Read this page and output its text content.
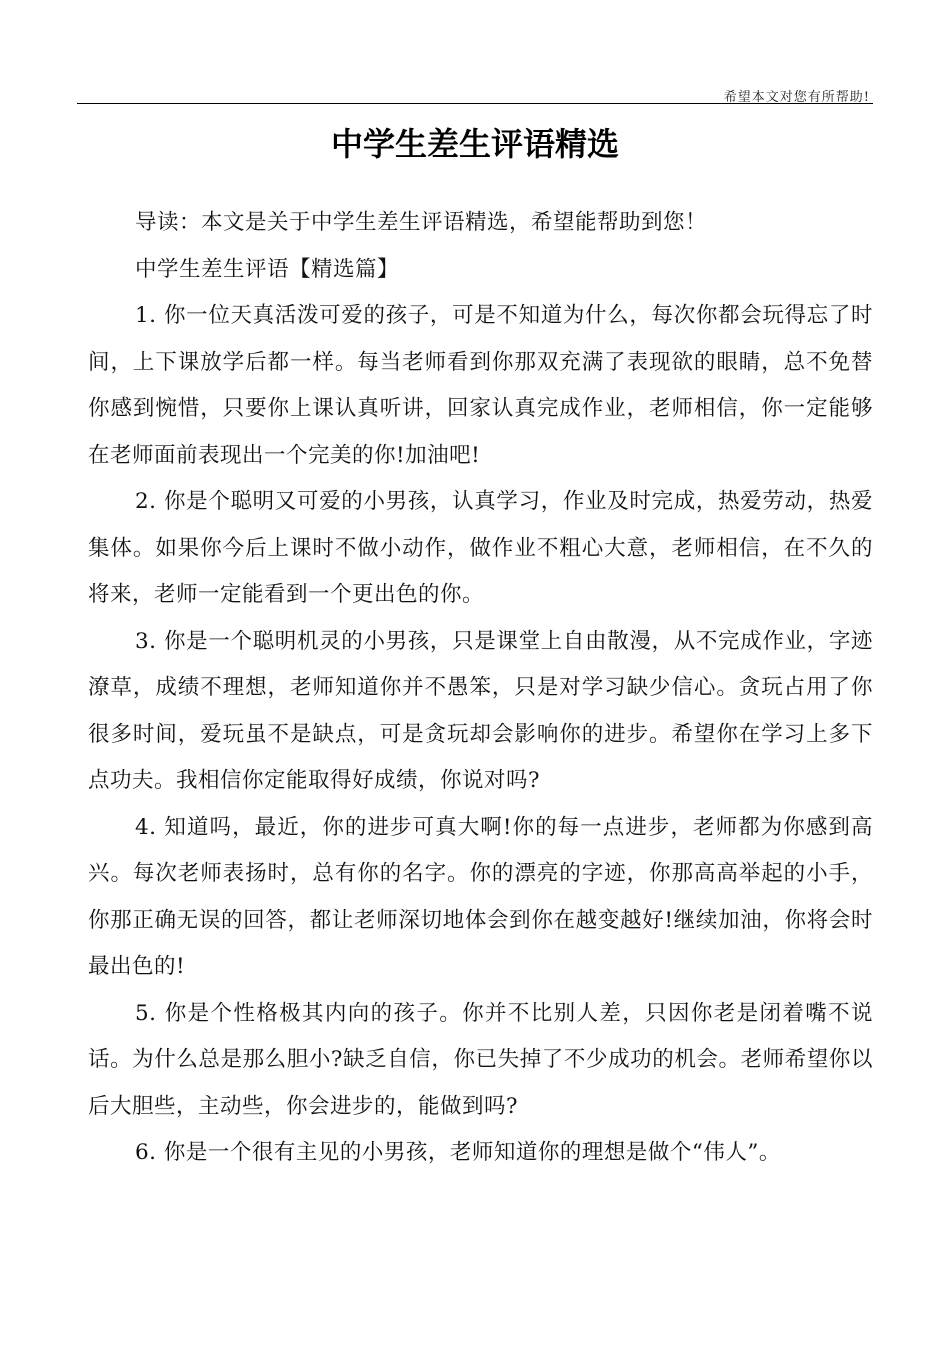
希望本文对您有所帮助!
中学生差生评语精选

导读：本文是关于中学生差生评语精选，希望能帮助到您！

中学生差生评语【精选篇】

1. 你一位天真活泼可爱的孩子，可是不知道为什么，每次你都会玩得忘了时间，上下课放学后都一样。每当老师看到你那双充满了表现欲的眼睛，总不免替你感到惋惜，只要你上课认真听讲，回家认真完成作业，老师相信，你一定能够在老师面前表现出一个完美的你!加油吧!

2. 你是个聪明又可爱的小男孩，认真学习，作业及时完成，热爱劳动，热爱集体。如果你今后上课时不做小动作，做作业不粗心大意，老师相信，在不久的将来，老师一定能看到一个更出色的你。

3. 你是一个聪明机灵的小男孩，只是课堂上自由散漫，从不完成作业，字迹潦草，成绩不理想，老师知道你并不愚笨，只是对学习缺少信心。贪玩占用了你很多时间，爱玩虽不是缺点，可是贪玩却会影响你的进步。希望你在学习上多下点功夫。我相信你定能取得好成绩，你说对吗?

4. 知道吗，最近，你的进步可真大啊!你的每一点进步，老师都为你感到高兴。每次老师表扬时，总有你的名字。你的漂亮的字迹，你那高高举起的小手，你那正确无误的回答，都让老师深切地体会到你在越变越好!继续加油，你将会时最出色的!

5. 你是个性格极其内向的孩子。你并不比别人差，只因你老是闭着嘴不说话。为什么总是那么胆小?缺乏自信，你已失掉了不少成功的机会。老师希望你以后大胆些，主动些，你会进步的，能做到吗?

6. 你是一个很有主见的小男孩，老师知道你的理想是做个“伟人”。
